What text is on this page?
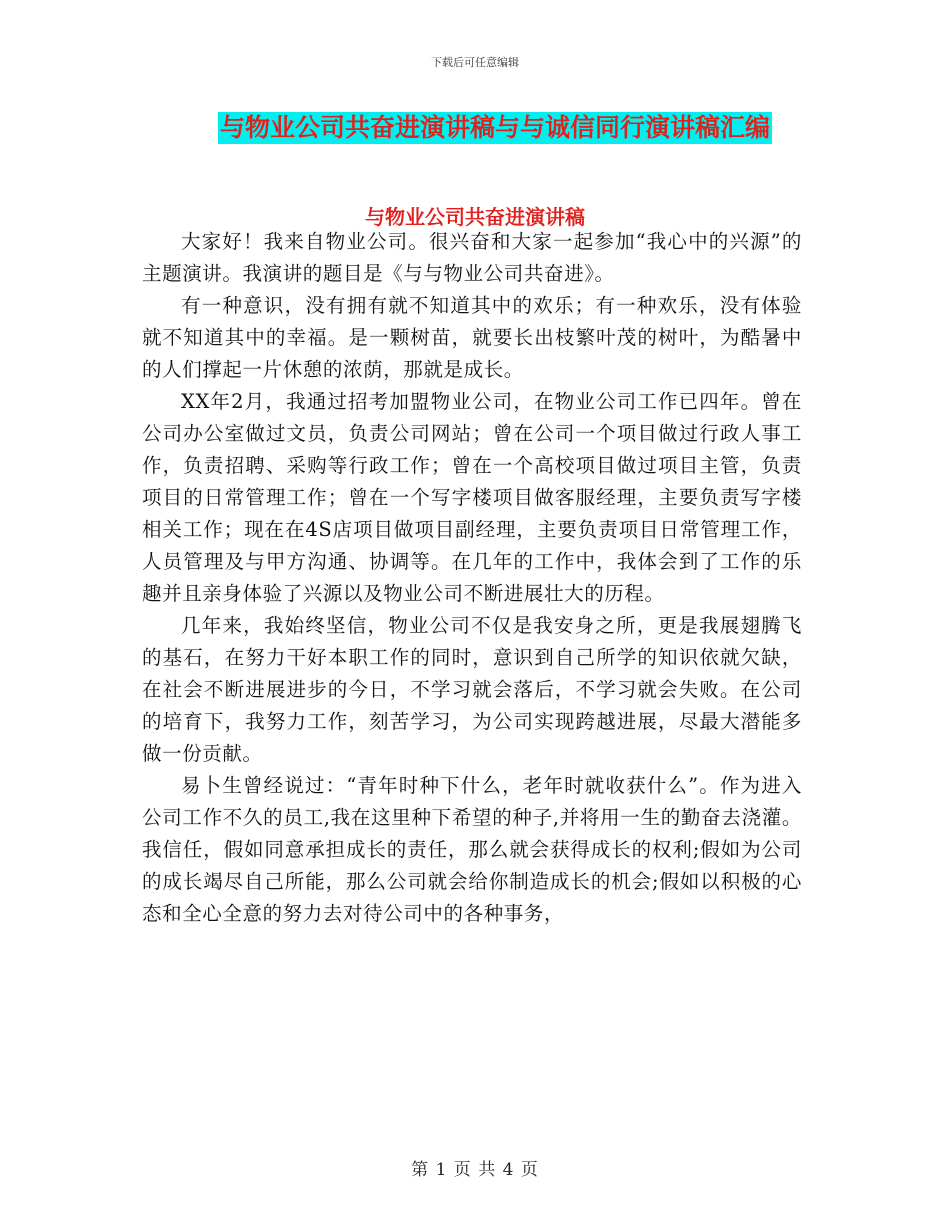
下载后可任意编辑
与物业公司共奋进演讲稿与与诚信同行演讲稿汇编
与物业公司共奋进演讲稿

大家好！我来自物业公司。很兴奋和大家一起参加“我心中的兴源”的主题演讲。我演讲的题目是《与与物业公司共奋进》。

有一种意识，没有拥有就不知道其中的欢乐；有一种欢乐，没有体验就不知道其中的幸福。是一颗树苗，就要长出枝繁叶茂的树叶，为酷暑中的人们撑起一片休憩的浓荫，那就是成长。

XX年2月，我通过招考加盟物业公司，在物业公司工作已四年。曾在公司办公室做过文员，负责公司网站；曾在公司一个项目做过行政人事工作，负责招聘、采购等行政工作；曾在一个高校项目做过项目主管，负责项目的日常管理工作；曾在一个写字楼项目做客服经理，主要负责写字楼相关工作；现在在4S店项目做项目副经理，主要负责项目日常管理工作，人员管理及与甲方沟通、协调等。在几年的工作中，我体会到了工作的乐趣并且亲身体验了兴源以及物业公司不断进展壮大的历程。

几年来，我始终坚信，物业公司不仅是我安身之所，更是我展翅腾飞的基石，在努力干好本职工作的同时，意识到自己所学的知识依就欠缺，在社会不断进展进步的今日，不学习就会落后，不学习就会失败。在公司的培育下，我努力工作，刻苦学习，为公司实现跨越进展，尽最大潜能多做一份贡献。

易卜生曾经说过：“青年时种下什么，老年时就收获什么”。作为进入公司工作不久的员工,我在这里种下希望的种子,并将用一生的勤奋去浇灌。我信任，假如同意承担成长的责任，那么就会获得成长的权利;假如为公司的成长竭尽自己所能，那么公司就会给你制造成长的机会;假如以积极的心态和全心全意的努力去对待公司中的各种事务，

第 1 页 共 4 页
